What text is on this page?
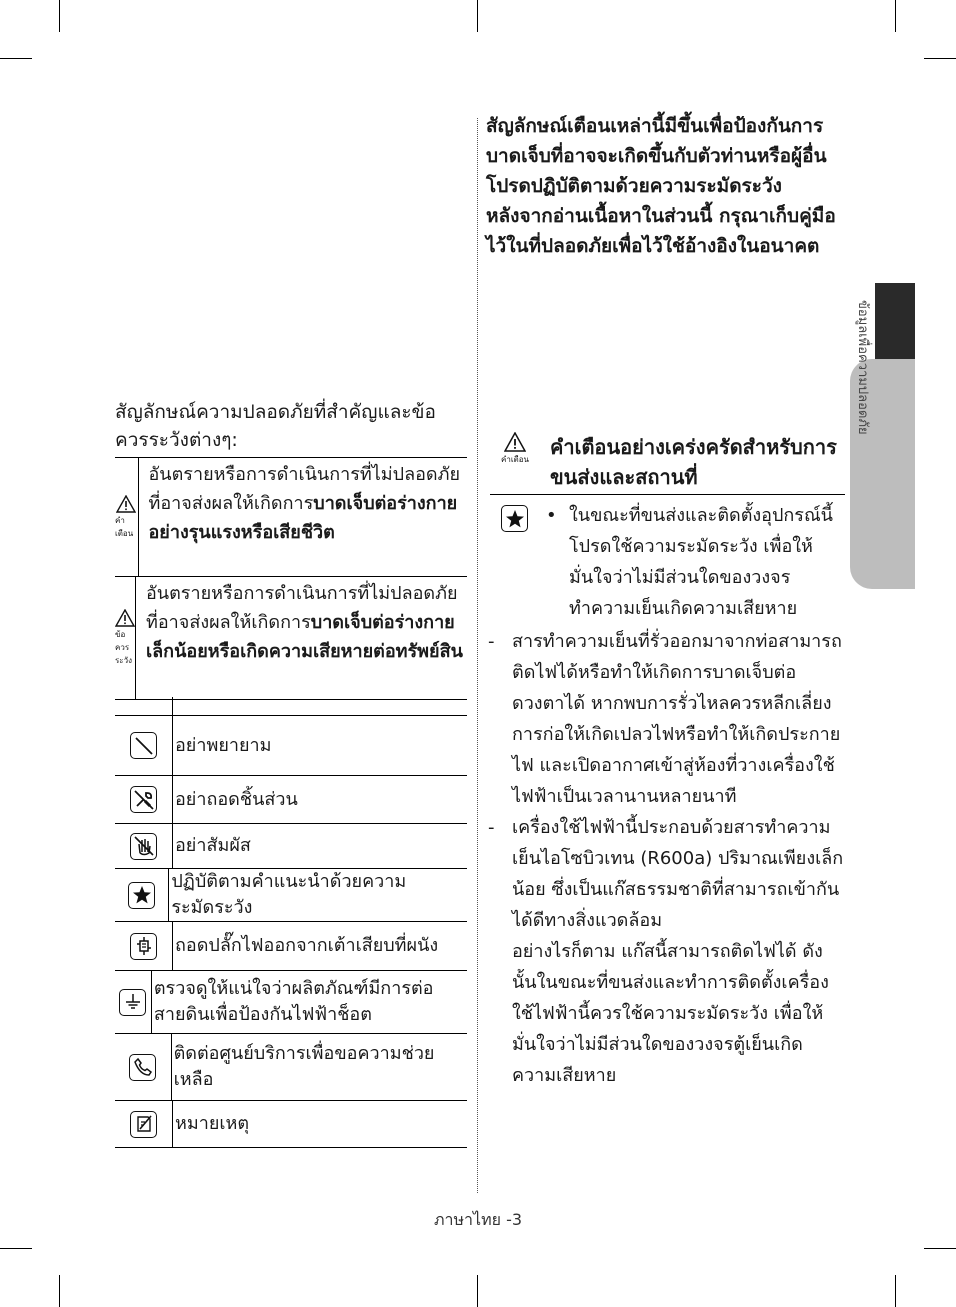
ข้อมูลเพื่อความปลอดภัย

สัญลักษณ์เตือนเหล่านี้มีขึ้นเพื่อป้องกันการบาดเจ็บที่อาจจะเกิดขึ้นกับตัวท่านหรือผู้อื่นโปรดปฏิบัติตามด้วยความระมัดระวัง

หลังจากอ่านเนื้อหาในส่วนนี้ กรุณาเก็บคู่มือไว้ในที่ปลอดภัยเพื่อไว้ใช้อ้างอิงในอนาคต

สัญลักษณ์ความปลอดภัยที่สำคัญและข้อควรระวังต่างๆ:
คำเตือน
อันตรายหรือการดำเนินการที่ไม่ปลอดภัยที่อาจส่งผลให้เกิดการบาดเจ็บต่อร่างกายอย่างรุนแรงหรือเสียชีวิต
ข้อควรระวัง
อันตรายหรือการดำเนินการที่ไม่ปลอดภัย ที่อาจส่งผลให้เกิดการบาดเจ็บต่อร่างกายเล็กน้อยหรือเกิดความเสียหายต่อทรัพย์สิน
อย่าพยายาม
อย่าถอดชิ้นส่วน
อย่าสัมผัส
ปฏิบัติตามคำแนะนำด้วยความระมัดระวัง
ถอดปลั๊กไฟออกจากเต้าเสียบที่ผนัง
ตรวจดูให้แน่ใจว่าผลิตภัณฑ์มีการต่อสายดินเพื่อป้องกันไฟฟ้าช็อต
ติดต่อศูนย์บริการเพื่อขอความช่วยเหลือ
หมายเหตุ
คำเตือน
คำเตือนอย่างเคร่งครัดสำหรับการขนส่งและสถานที่
• ในขณะที่ขนส่งและติดตั้งอุปกรณ์นี้ โปรดใช้ความระมัดระวัง เพื่อให้มั่นใจว่าไม่มีส่วนใดของวงจรทำความเย็นเกิดความเสียหาย
- สารทำความเย็นที่รั่วออกมาจากท่อสามารถติดไฟได้หรือทำให้เกิดการบาดเจ็บต่อดวงตาได้ หากพบการรั่วไหลควรหลีกเลี่ยงการก่อให้เกิดเปลวไฟหรือทำให้เกิดประกายไฟ และเปิดอากาศเข้าสู่ห้องที่วางเครื่องใช้ไฟฟ้าเป็นเวลานานหลายนาที

- เครื่องใช้ไฟฟ้านี้ประกอบด้วยสารทำความเย็นไอโซบิวเทน (R600a) ปริมาณเพียงเล็กน้อย ซึ่งเป็นแก๊สธรรมชาติที่สามารถเข้ากันได้ดีทางสิ่งแวดล้อม

อย่างไรก็ตาม แก๊สนี้สามารถติดไฟได้ ดังนั้นในขณะที่ขนส่งและทำการติดตั้งเครื่องใช้ไฟฟ้านี้ควรใช้ความระมัดระวัง เพื่อให้มั่นใจว่าไม่มีส่วนใดของวงจรตู้เย็นเกิดความเสียหาย

ภาษาไทย -3
